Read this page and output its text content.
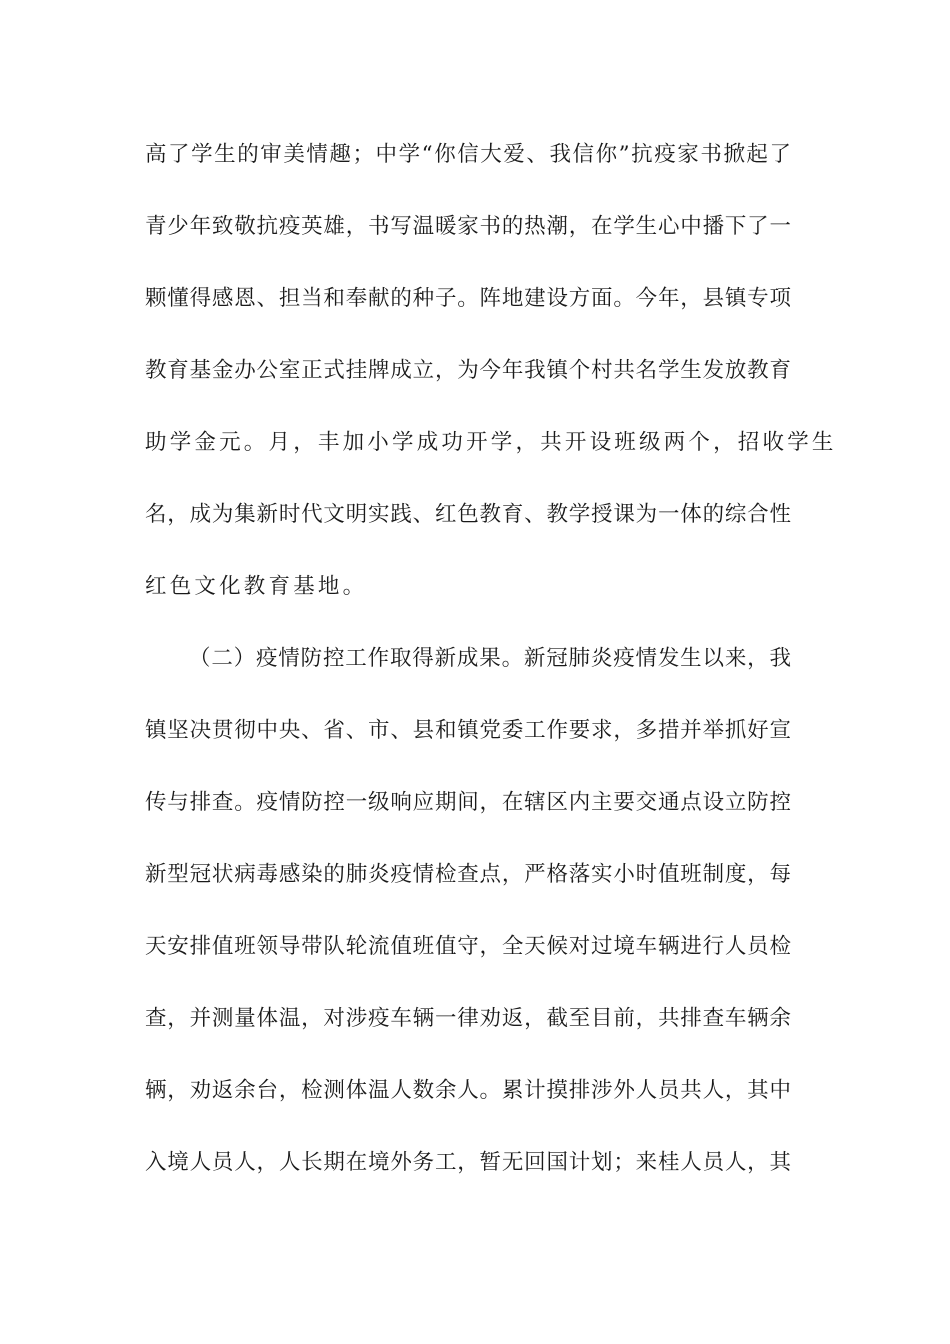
高了学生的审美情趣；中学“你信大爱、我信你”抗疫家书掀起了
青少年致敬抗疫英雄，书写温暖家书的热潮，在学生心中播下了一
颗懂得感恩、担当和奉献的种子。阵地建设方面。今年，县镇专项
教育基金办公室正式挂牌成立，为今年我镇个村共名学生发放教育
助学金元。月，丰加小学成功开学，共开设班级两个，招收学生
名，成为集新时代文明实践、红色教育、教学授课为一体的综合性
红色文化教育基地。
（二）疫情防控工作取得新成果。新冠肺炎疫情发生以来，我
镇坚决贯彻中央、省、市、县和镇党委工作要求，多措并举抓好宣
传与排查。疫情防控一级响应期间，在辖区内主要交通点设立防控
新型冠状病毒感染的肺炎疫情检查点，严格落实小时值班制度，每
天安排值班领导带队轮流值班值守，全天候对过境车辆进行人员检
查，并测量体温，对涉疫车辆一律劝返，截至目前，共排查车辆余
辆，劝返余台，检测体温人数余人。累计摸排涉外人员共人，其中
入境人员人，人长期在境外务工，暂无回国计划；来桂人员人，其
